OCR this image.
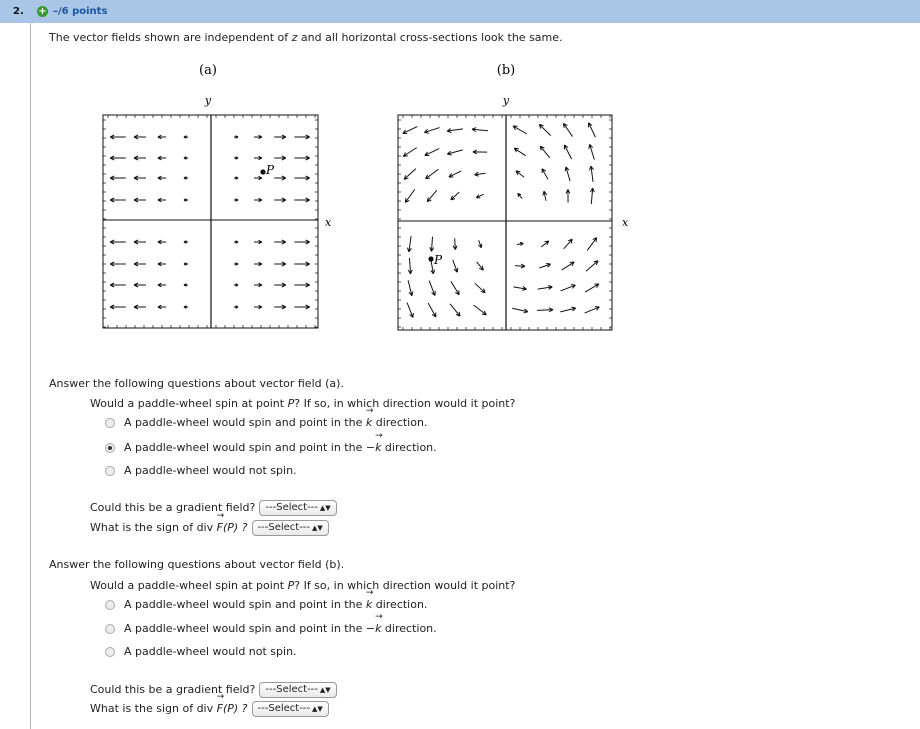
2. + –/6 points
The vector fields shown are independent of z and all horizontal cross-sections look the same.
(a)	(b)
y	y
x	x
P
P
Answer the following questions about vector field (a).
Would a paddle-wheel spin at point P? If so, in which direction would it point?
A paddle-wheel would spin and point in the → k direction.
A paddle-wheel would spin and point in the −→ k direction.
A paddle-wheel would not spin.
Could this be a gradient field? ---Select--- ▲▼
What is the sign of div → F(P) ? ---Select--- ▲▼
Answer the following questions about vector field (b).
Would a paddle-wheel spin at point P? If so, in which direction would it point?
A paddle-wheel would spin and point in the → k direction.
A paddle-wheel would spin and point in the −→ k direction.
A paddle-wheel would not spin.
Could this be a gradient field? ---Select--- ▲▼
What is the sign of div → F(P) ? ---Select--- ▲▼
